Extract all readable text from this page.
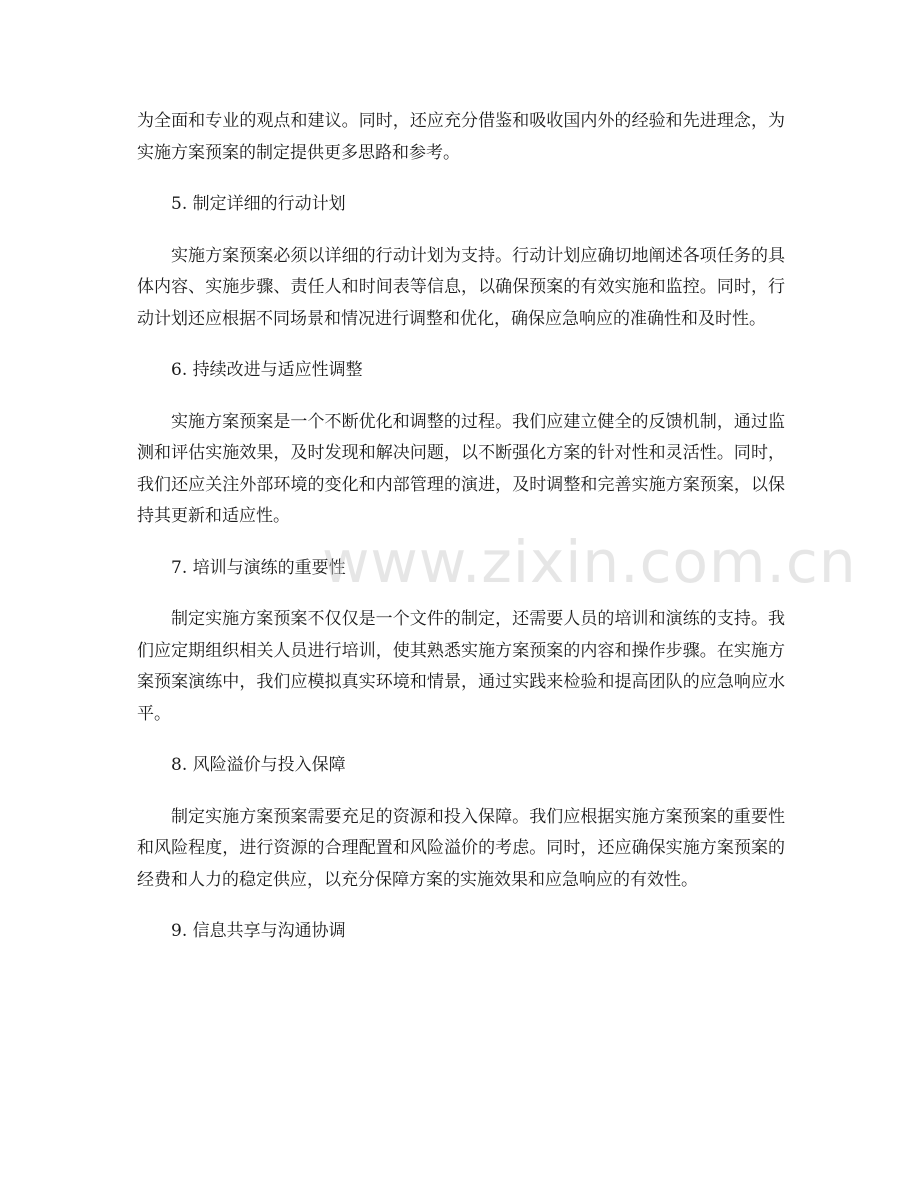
为全面和专业的观点和建议。同时，还应充分借鉴和吸收国内外的经验和先进理念，为实施方案预案的制定提供更多思路和参考。

5. 制定详细的行动计划

实施方案预案必须以详细的行动计划为支持。行动计划应确切地阐述各项任务的具体内容、实施步骤、责任人和时间表等信息，以确保预案的有效实施和监控。同时，行动计划还应根据不同场景和情况进行调整和优化，确保应急响应的准确性和及时性。

6. 持续改进与适应性调整

实施方案预案是一个不断优化和调整的过程。我们应建立健全的反馈机制，通过监测和评估实施效果，及时发现和解决问题，以不断强化方案的针对性和灵活性。同时，我们还应关注外部环境的变化和内部管理的演进，及时调整和完善实施方案预案，以保持其更新和适应性。

7. 培训与演练的重要性

制定实施方案预案不仅仅是一个文件的制定，还需要人员的培训和演练的支持。我们应定期组织相关人员进行培训，使其熟悉实施方案预案的内容和操作步骤。在实施方案预案演练中，我们应模拟真实环境和情景，通过实践来检验和提高团队的应急响应水平。

8. 风险溢价与投入保障

制定实施方案预案需要充足的资源和投入保障。我们应根据实施方案预案的重要性和风险程度，进行资源的合理配置和风险溢价的考虑。同时，还应确保实施方案预案的经费和人力的稳定供应，以充分保障方案的实施效果和应急响应的有效性。

9. 信息共享与沟通协调

www.zixin.com.cn
